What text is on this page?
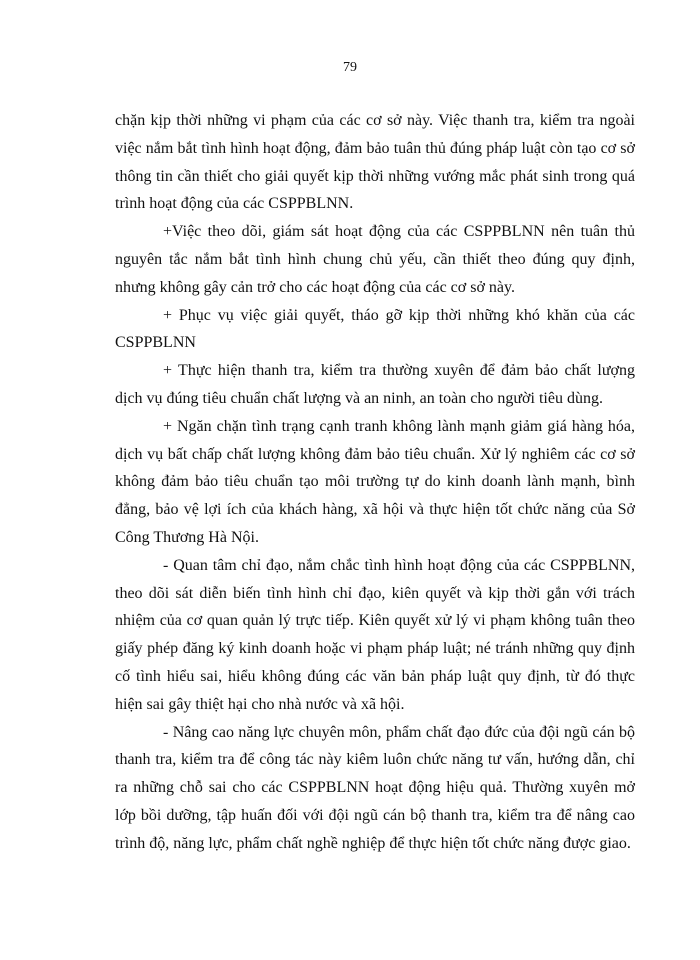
79

chặn kịp thời những vi phạm của các cơ sở này. Việc thanh tra, kiểm tra ngoài việc nắm bắt tình hình hoạt động, đảm bảo tuân thủ đúng pháp luật còn tạo cơ sở thông tin cần thiết cho giải quyết kịp thời những vướng mắc phát sinh trong quá trình hoạt động của các CSPPBLNN.

+Việc theo dõi, giám sát hoạt động của các CSPPBLNN nên tuân thủ nguyên tắc nắm bắt tình hình chung chủ yếu, cần thiết theo đúng quy định, nhưng không gây cản trở cho các hoạt động của các cơ sở này.

+ Phục vụ việc giải quyết, tháo gỡ kịp thời những khó khăn của các CSPPBLNN

+ Thực hiện thanh tra, kiểm tra thường xuyên để đảm bảo chất lượng dịch vụ đúng tiêu chuẩn chất lượng và an ninh, an toàn cho người tiêu dùng.

+ Ngăn chặn tình trạng cạnh tranh không lành mạnh giảm giá hàng hóa, dịch vụ bất chấp chất lượng không đảm bảo tiêu chuẩn. Xử lý nghiêm các cơ sở không đảm bảo tiêu chuẩn tạo môi trường tự do kinh doanh lành mạnh, bình đẳng, bảo vệ lợi ích của khách hàng, xã hội và thực hiện tốt chức năng của Sở Công Thương Hà Nội.

- Quan tâm chỉ đạo, nắm chắc tình hình hoạt động của các CSPPBLNN, theo dõi sát diễn biến tình hình chỉ đạo, kiên quyết và kịp thời gắn với trách nhiệm của cơ quan quản lý trực tiếp. Kiên quyết xử lý vi phạm không tuân theo giấy phép đăng ký kinh doanh hoặc vi phạm pháp luật; né tránh những quy định cố tình hiểu sai, hiểu không đúng các văn bản pháp luật quy định, từ đó thực hiện sai gây thiệt hại cho nhà nước và xã hội.

- Nâng cao năng lực chuyên môn, phẩm chất đạo đức của đội ngũ cán bộ thanh tra, kiểm tra để công tác này kiêm luôn chức năng tư vấn, hướng dẫn, chỉ ra những chỗ sai cho các CSPPBLNN hoạt động hiệu quả. Thường xuyên mở lớp bồi dưỡng, tập huấn đối với đội ngũ cán bộ thanh tra, kiểm tra để nâng cao trình độ, năng lực, phẩm chất nghề nghiệp để thực hiện tốt chức năng được giao.
